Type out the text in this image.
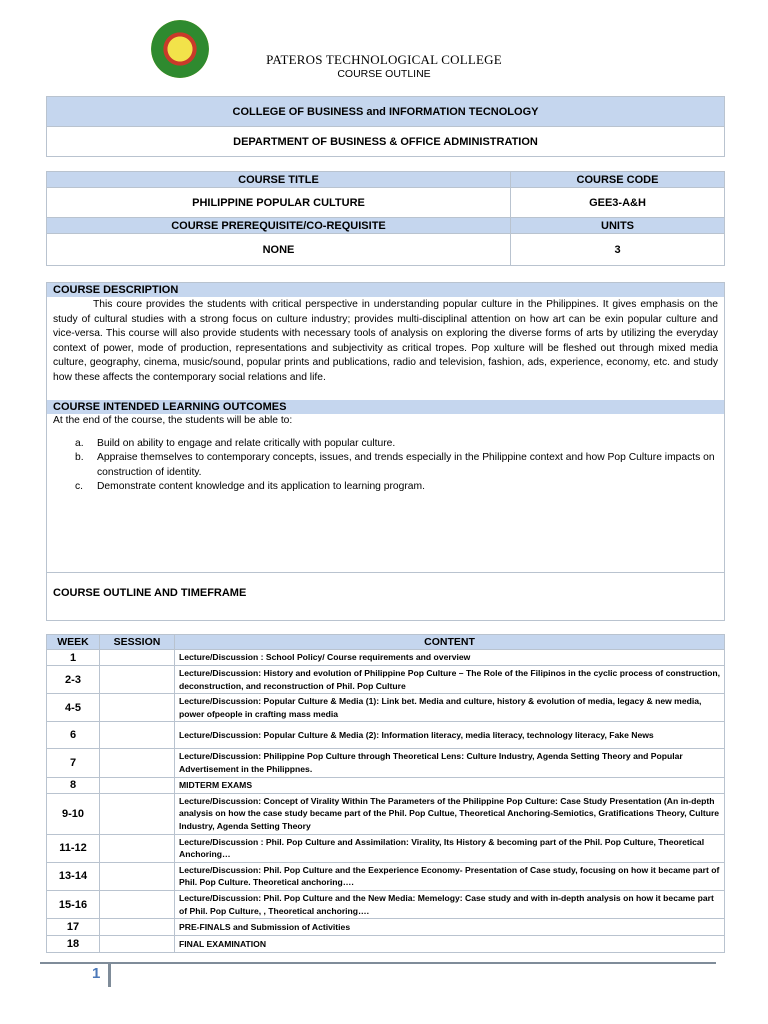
PATEROS TECHNOLOGICAL COLLEGE
COURSE OUTLINE
COLLEGE OF BUSINESS and INFORMATION TECNOLOGY
DEPARTMENT OF BUSINESS & OFFICE ADMINISTRATION
COURSE TITLE	COURSE CODE
PHILIPPINE POPULAR CULTURE	GEE3-A&H
COURSE PREREQUISITE/CO-REQUISITE	UNITS
NONE	3
COURSE DESCRIPTION
This coure provides the students with critical perspective in understanding popular culture in the Philippines. It gives emphasis on the study of cultural studies with a strong focus on culture industry; provides multi-disciplinal attention on how art can be exin popular culture and vice-versa. This course will also provide students with necessary tools of analysis on exploring the diverse forms of arts by utilizing the everyday context of power, mode of production, representations and subjectivity as critical tropes. Pop xulture will be fleshed out through mixed media culture, geography, cinema, music/sound, popular prints and publications, radio and television, fashion, ads, experience, economy, etc. and study how these affects the contemporary social relations and life.
COURSE INTENDED LEARNING OUTCOMES
At the end of the course, the students will be able to:
a. Build on ability to engage and relate critically with popular culture.
b. Appraise themselves to contemporary concepts, issues, and trends especially in the Philippine context and how Pop Culture impacts on construction of identity.
c. Demonstrate content knowledge and its application to learning program.
COURSE OUTLINE AND TIMEFRAME
WEEK	SESSION	CONTENT
1		Lecture/Discussion : School Policy/ Course requirements and overview
2-3		Lecture/Discussion: History and evolution of Philippine Pop Culture – The Role of the Filipinos in the cyclic process of construction, deconstruction, and reconstruction of Phil. Pop Culture
4-5		Lecture/Discussion: Popular Culture & Media (1): Link bet. Media and culture, history & evolution of media, legacy & new media, power ofpeople in crafting mass media
6		Lecture/Discussion: Popular Culture & Media (2): Information literacy, media literacy, technology literacy, Fake News
7		Lecture/Discussion: Philippine Pop Culture through Theoretical Lens: Culture Industry, Agenda Setting Theory and Popular Advertisement in the Philippnes.
8		MIDTERM EXAMS
9-10		Lecture/Discussion: Concept of Virality Within The Parameters of the Philippine Pop Culture: Case Study Presentation (An in-depth analysis on how the case study became part of the Phil. Pop Cultue, Theoretical Anchoring-Semiotics, Gratifications Theory, Culture Industry, Agenda Setting Theory
11-12		Lecture/Discussion : Phil. Pop Culture and Assimilation: Virality, Its History & becoming part of the Phil. Pop Culture, Theoretical Anchoring…
13-14		Lecture/Discussion: Phil. Pop Culture and the Eexperience Economy- Presentation of Case study, focusing on how it became part of Phil. Pop Culture. Theoretical anchoring….
15-16		Lecture/Discussion: Phil. Pop Culture and the New Media: Memelogy: Case study and with in-depth analysis on how it became part of Phil. Pop Culture, , Theoretical anchoring….
17		PRE-FINALS and Submission of Activities
18		FINAL EXAMINATION
1
